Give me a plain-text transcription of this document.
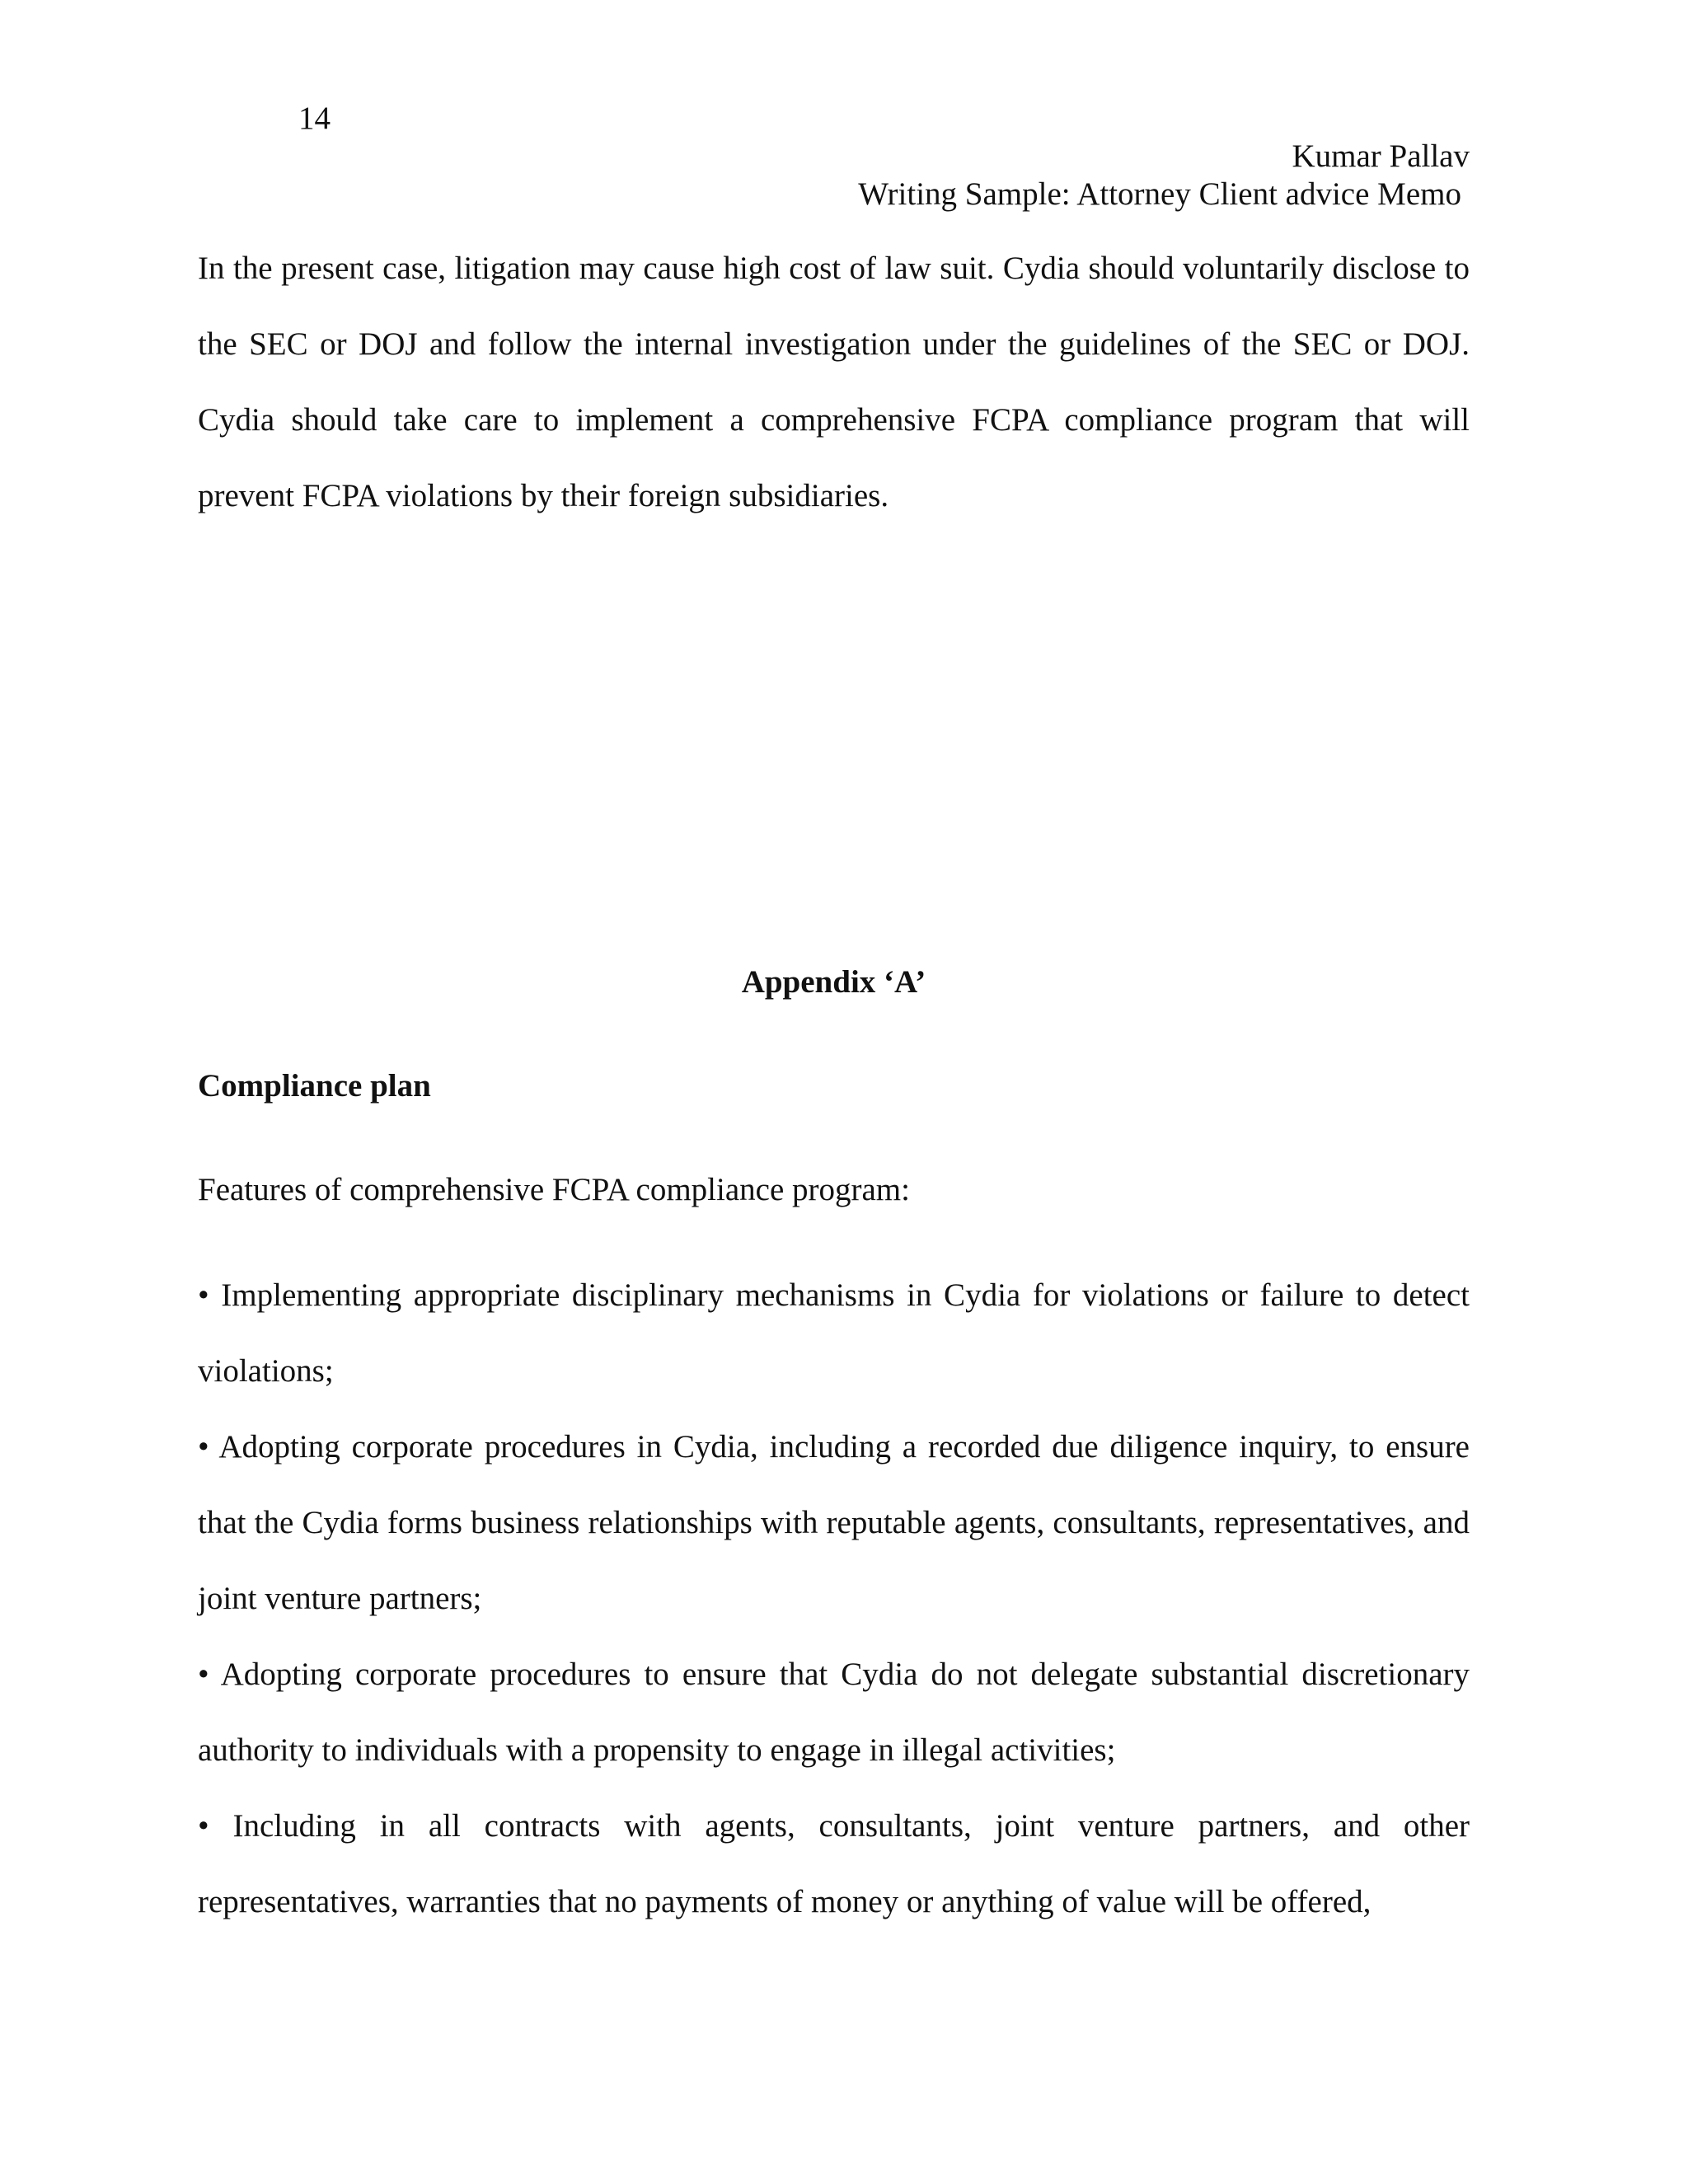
14
Kumar Pallav
Writing Sample: Attorney Client advice Memo

In the present case, litigation may cause high cost of law suit. Cydia should voluntarily disclose to the SEC or DOJ and follow the internal investigation under the guidelines of the SEC or DOJ. Cydia should take care to implement a comprehensive FCPA compliance program that will prevent FCPA violations by their foreign subsidiaries.

Appendix ‘A’
Compliance plan
Features of comprehensive FCPA compliance program:
• Implementing appropriate disciplinary mechanisms in Cydia for violations or failure to detect violations;
• Adopting corporate procedures in Cydia, including a recorded due diligence inquiry, to ensure that the Cydia forms business relationships with reputable agents, consultants, representatives, and joint venture partners;
• Adopting corporate procedures to ensure that Cydia do not delegate substantial discretionary authority to individuals with a propensity to engage in illegal activities;
• Including in all contracts with agents, consultants, joint venture partners, and other representatives, warranties that no payments of money or anything of value will be offered,
